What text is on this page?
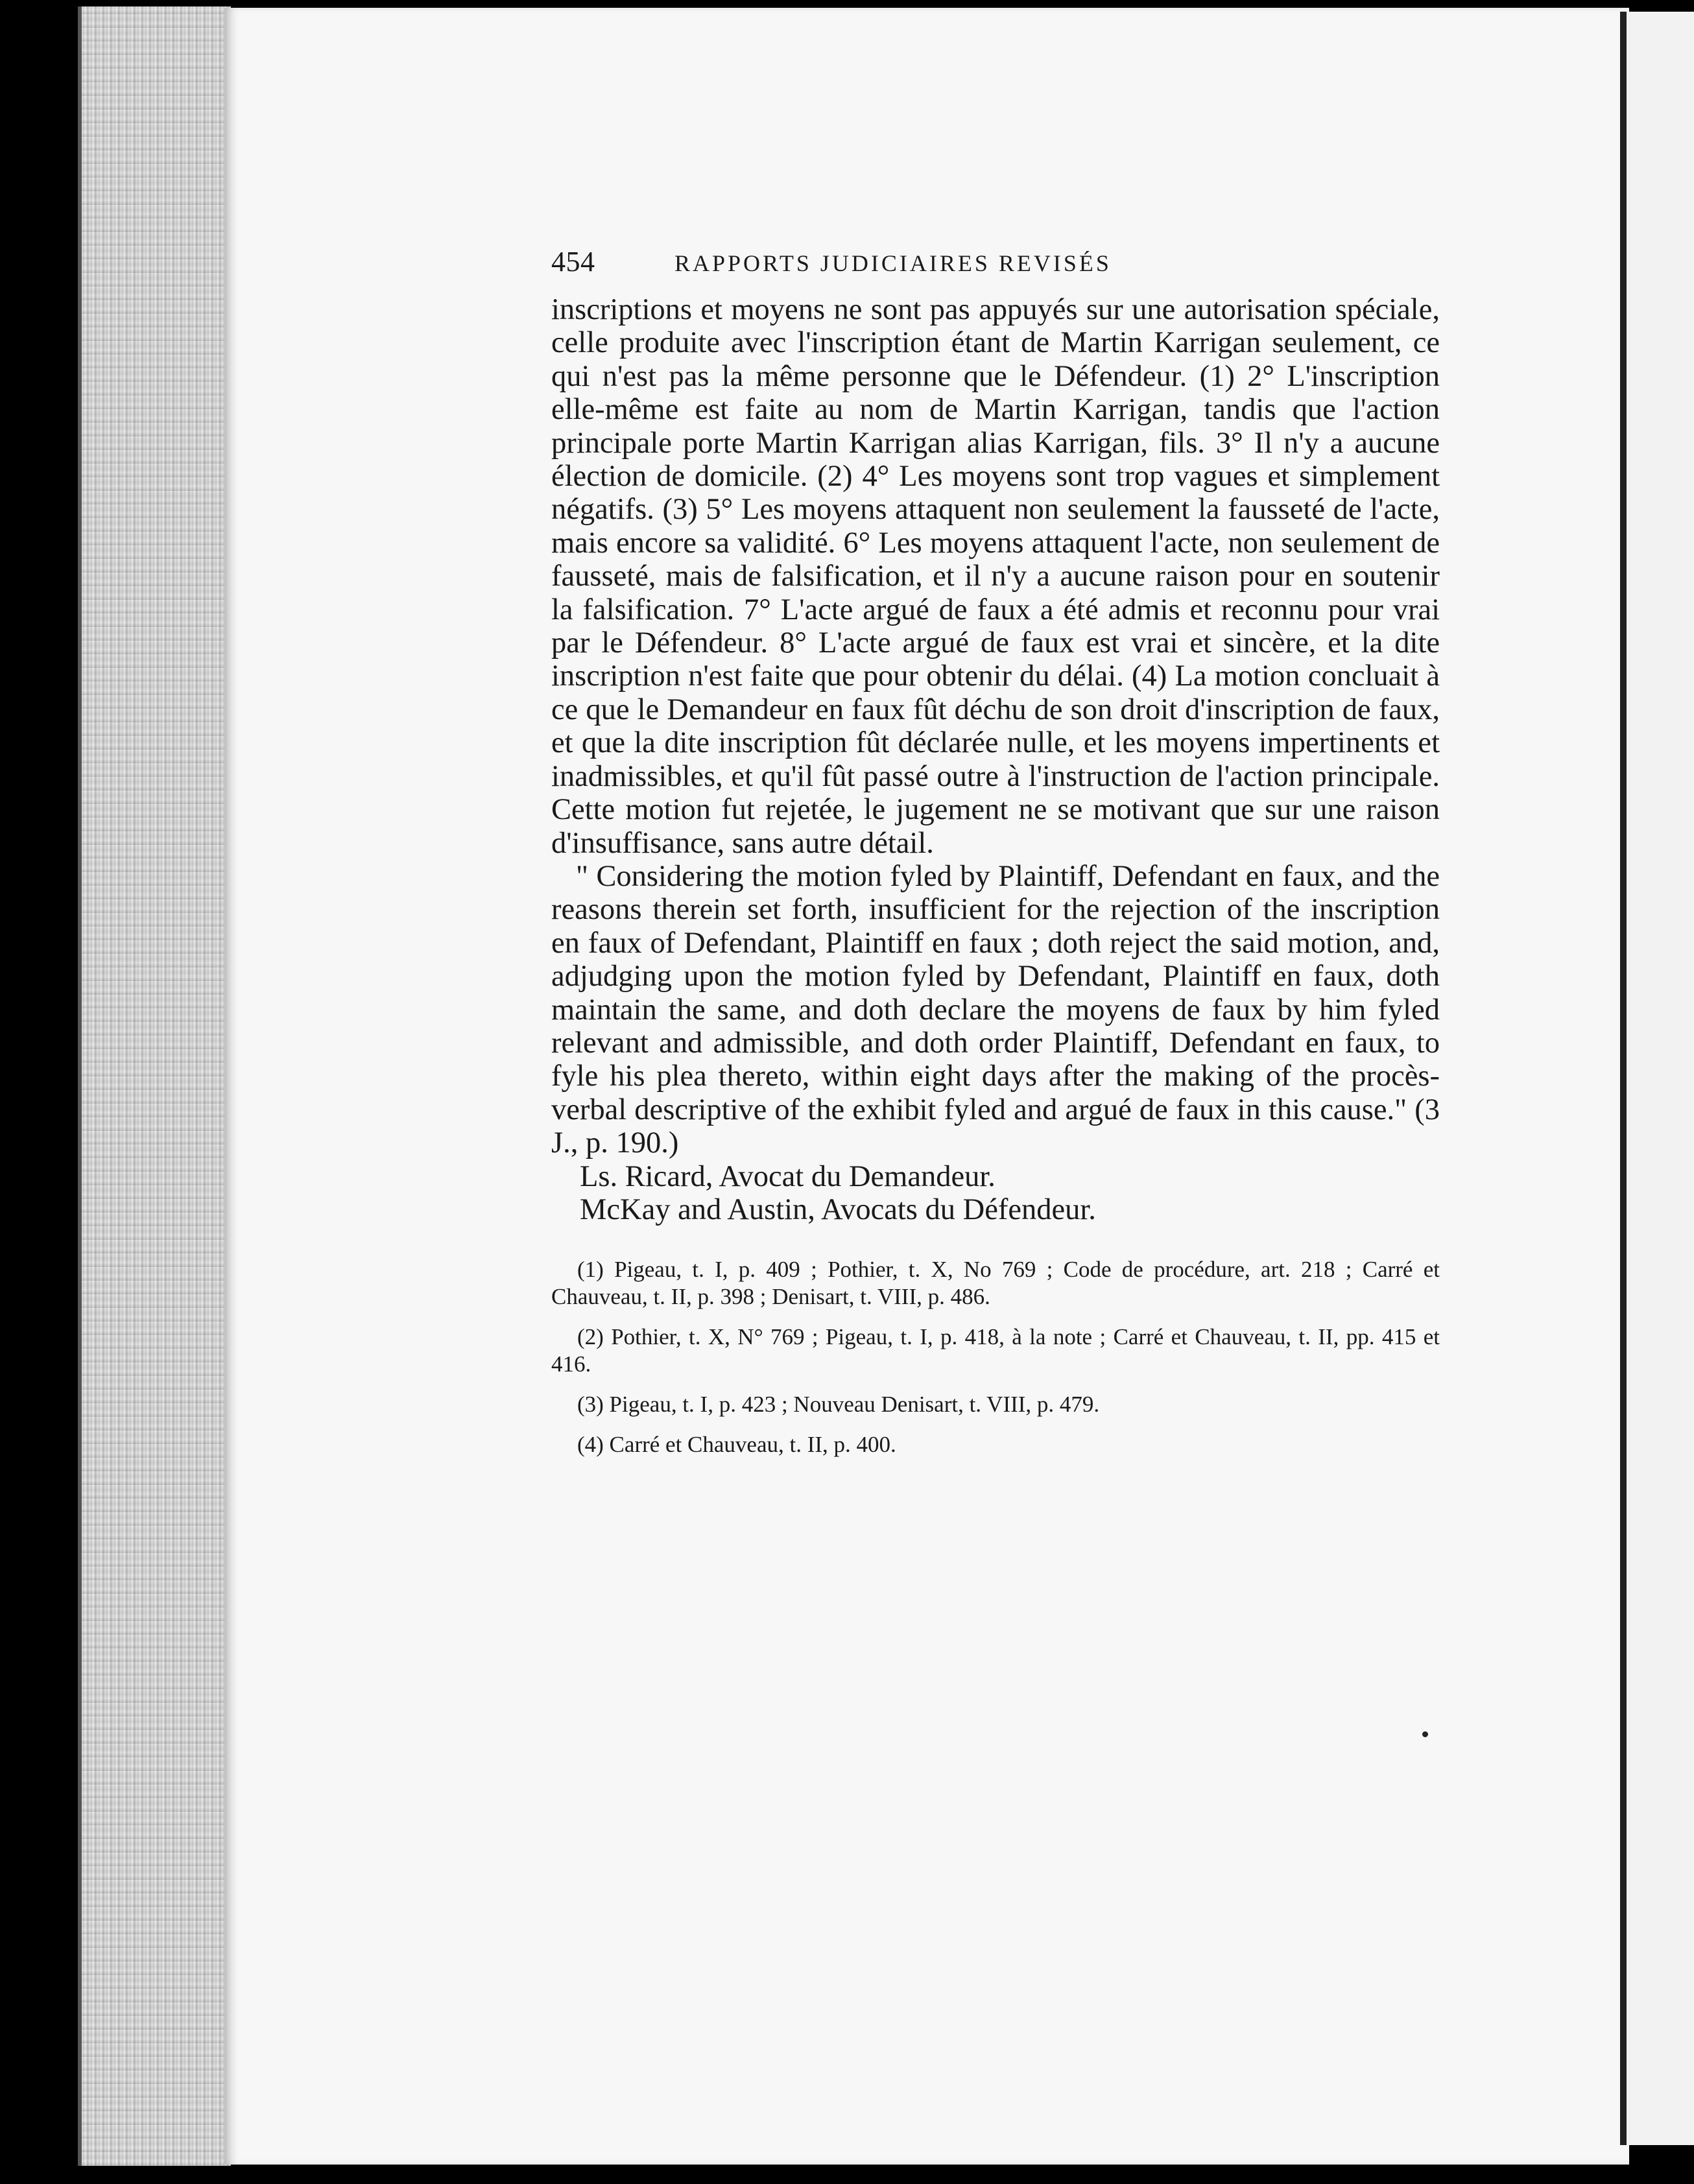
454	RAPPORTS JUDICIAIRES REVISÉS

inscriptions et moyens ne sont pas appuyés sur une autorisation spéciale, celle produite avec l'inscription étant de Martin Karrigan seulement, ce qui n'est pas la même personne que le Défendeur. (1) 2° L'inscription elle-même est faite au nom de Martin Karrigan, tandis que l'action principale porte Martin Karrigan alias Karrigan, fils. 3° Il n'y a aucune élection de domicile. (2) 4° Les moyens sont trop vagues et simplement négatifs. (3) 5° Les moyens attaquent non seulement la fausseté de l'acte, mais encore sa validité. 6° Les moyens attaquent l'acte, non seulement de fausseté, mais de falsification, et il n'y a aucune raison pour en soutenir la falsification. 7° L'acte argué de faux a été admis et reconnu pour vrai par le Défendeur. 8° L'acte argué de faux est vrai et sincère, et la dite inscription n'est faite que pour obtenir du délai. (4) La motion concluait à ce que le Demandeur en faux fût déchu de son droit d'inscription de faux, et que la dite inscription fût déclarée nulle, et les moyens impertinents et inadmissibles, et qu'il fût passé outre à l'instruction de l'action principale. Cette motion fut rejetée, le jugement ne se motivant que sur une raison d'insuffisance, sans autre détail.

" Considering the motion fyled by Plaintiff, Defendant en faux, and the reasons therein set forth, insufficient for the rejection of the inscription en faux of Defendant, Plaintiff en faux ; doth reject the said motion, and, adjudging upon the motion fyled by Defendant, Plaintiff en faux, doth maintain the same, and doth declare the moyens de faux by him fyled relevant and admissible, and doth order Plaintiff, Defendant en faux, to fyle his plea thereto, within eight days after the making of the procès-verbal descriptive of the exhibit fyled and argué de faux in this cause." (3 J., p. 190.)

Ls. Ricard, Avocat du Demandeur.
McKay and Austin, Avocats du Défendeur.

(1) Pigeau, t. I, p. 409 ; Pothier, t. X, No 769 ; Code de procédure, art. 218 ; Carré et Chauveau, t. II, p. 398 ; Denisart, t. VIII, p. 486.

(2) Pothier, t. X, N° 769 ; Pigeau, t. I, p. 418, à la note ; Carré et Chauveau, t. II, pp. 415 et 416.

(3) Pigeau, t. I, p. 423 ; Nouveau Denisart, t. VIII, p. 479.

(4) Carré et Chauveau, t. II, p. 400.
